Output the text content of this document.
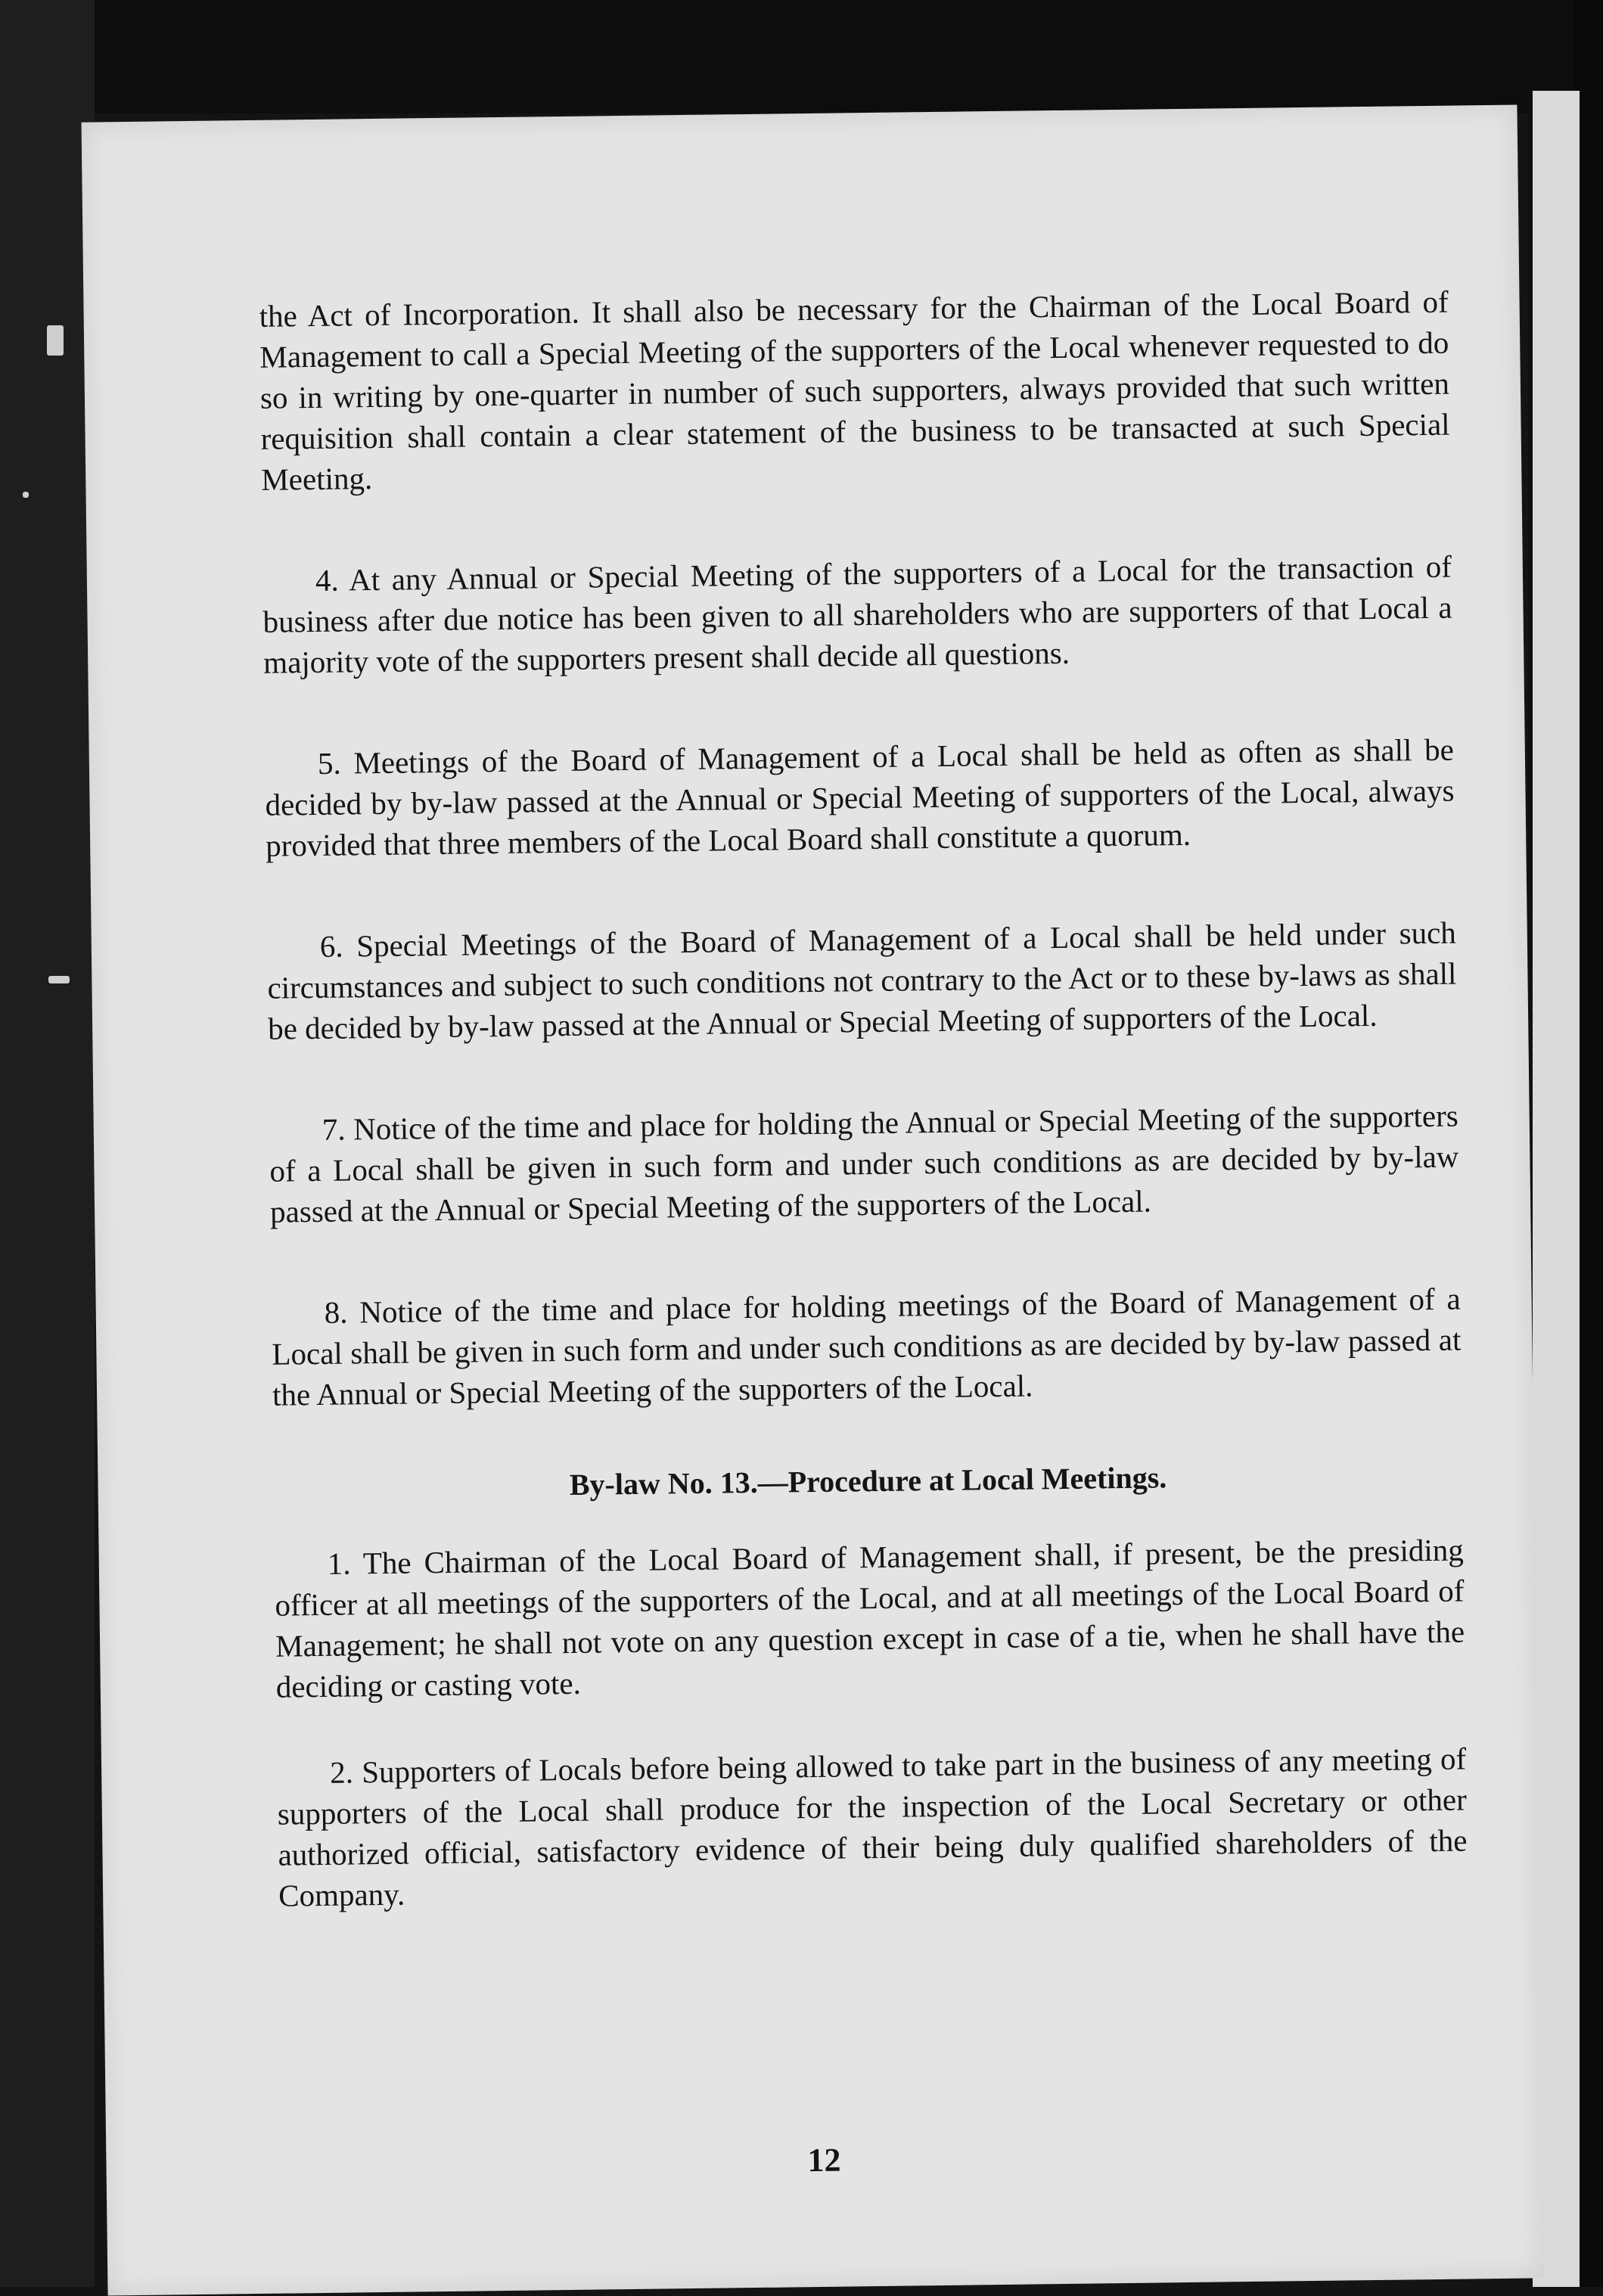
the Act of Incorporation. It shall also be necessary for the Chairman of the Local Board of Management to call a Special Meeting of the supporters of the Local whenever requested to do so in writing by one-quarter in number of such supporters, always provided that such written requisition shall contain a clear statement of the business to be transacted at such Special Meeting.

4. At any Annual or Special Meeting of the supporters of a Local for the transaction of business after due notice has been given to all shareholders who are supporters of that Local a majority vote of the supporters present shall decide all questions.

5. Meetings of the Board of Management of a Local shall be held as often as shall be decided by by-law passed at the Annual or Special Meeting of supporters of the Local, always provided that three members of the Local Board shall constitute a quorum.

6. Special Meetings of the Board of Management of a Local shall be held under such circumstances and subject to such conditions not contrary to the Act or to these by-laws as shall be decided by by-law passed at the Annual or Special Meeting of supporters of the Local.

7. Notice of the time and place for holding the Annual or Special Meeting of the supporters of a Local shall be given in such form and under such conditions as are decided by by-law passed at the Annual or Special Meeting of the supporters of the Local.

8. Notice of the time and place for holding meetings of the Board of Management of a Local shall be given in such form and under such conditions as are decided by by-law passed at the Annual or Special Meeting of the supporters of the Local.

By-law No. 13.—Procedure at Local Meetings.

1. The Chairman of the Local Board of Management shall, if present, be the presiding officer at all meetings of the supporters of the Local, and at all meetings of the Local Board of Management; he shall not vote on any question except in case of a tie, when he shall have the deciding or casting vote.

2. Supporters of Locals before being allowed to take part in the business of any meeting of supporters of the Local shall produce for the inspection of the Local Secretary or other authorized official, satisfactory evidence of their being duly qualified shareholders of the Company.

12
